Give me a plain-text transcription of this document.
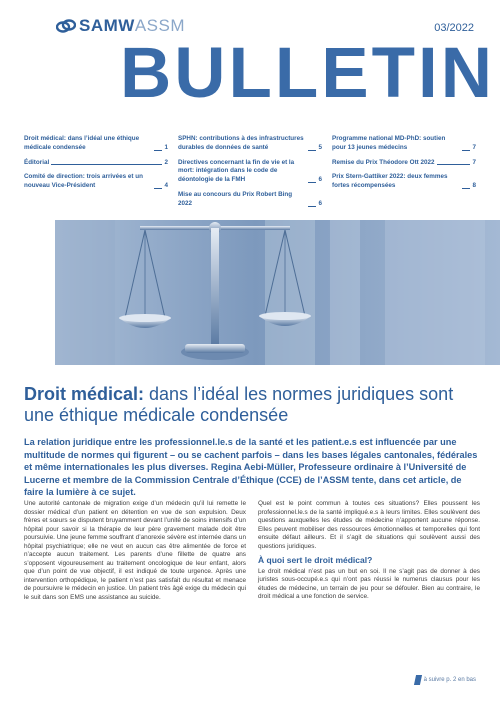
SAMWASSM	03/2022
BULLETIN
Droit médical: dans l’idéal une éthique médicale condensée	1
Éditorial	2
Comité de direction: trois arrivées et un nouveau Vice-Président	4
SPHN: contributions à des infrastructures durables de données de santé	5
Directives concernant la fin de vie et la mort: intégration dans le code de déontologie de la FMH	6
Mise au concours du Prix Robert Bing 2022	6
Programme national MD-PhD: soutien pour 13 jeunes médecins	7
Remise du Prix Théodore Ott 2022	7
Prix Stern-Gattiker 2022: deux femmes fortes récompensées	8
Droit médical: dans l’idéal les normes juridiques sont une éthique médicale condensée
La relation juridique entre les professionnel.le.s de la santé et les patient.e.s est influencée par une multitude de normes qui figurent – ou se cachent parfois – dans les bases légales cantonales, fédérales et même internationales les plus diverses. Regina Aebi-Müller, Professeure ordinaire à l’Université de Lucerne et membre de la Commission Centrale d’Éthique (CCE) de l’ASSM tente, dans cet article, de faire la lumière à ce sujet.
Une autorité cantonale de migration exige d’un médecin qu’il lui remette le dossier médical d’un patient en détention en vue de son expulsion. Deux frères et sœurs se disputent bruyamment devant l’unité de soins intensifs d’un hôpital pour savoir si la thérapie de leur père gravement malade doit être poursuivie. Une jeune femme souffrant d’anorexie sévère est internée dans un hôpital psychiatrique; elle ne veut en aucun cas être alimentée de force et n’accepte aucun traitement. Les parents d’une fillette de quatre ans s’opposent vigoureusement au traitement oncologique de leur enfant, alors que d’un point de vue objectif, il est indiqué de toute urgence. Après une intervention orthopédique, le patient n’est pas satisfait du résultat et menace de poursuivre le médecin en justice. Un patient très âgé exige du médecin qui le suit dans son EMS une assistance au suicide.
Quel est le point commun à toutes ces situations? Elles poussent les professionnel.le.s de la santé impliqué.e.s à leurs limites. Elles soulèvent des questions auxquelles les études de médecine n’apportent aucune réponse. Elles peuvent mobiliser des ressources émotionnelles et temporelles qui font ensuite défaut ailleurs. Et il s’agit de situations qui soulèvent aussi des questions juridiques.
À quoi sert le droit médical?
Le droit médical n’est pas un but en soi. Il ne s’agit pas de donner à des juristes sous-occupé.e.s qui n’ont pas réussi le numerus clausus pour les études de médecine, un terrain de jeu pour se défouler. Bien au contraire, le droit médical a une fonction de service.
à suivre p. 2 en bas
